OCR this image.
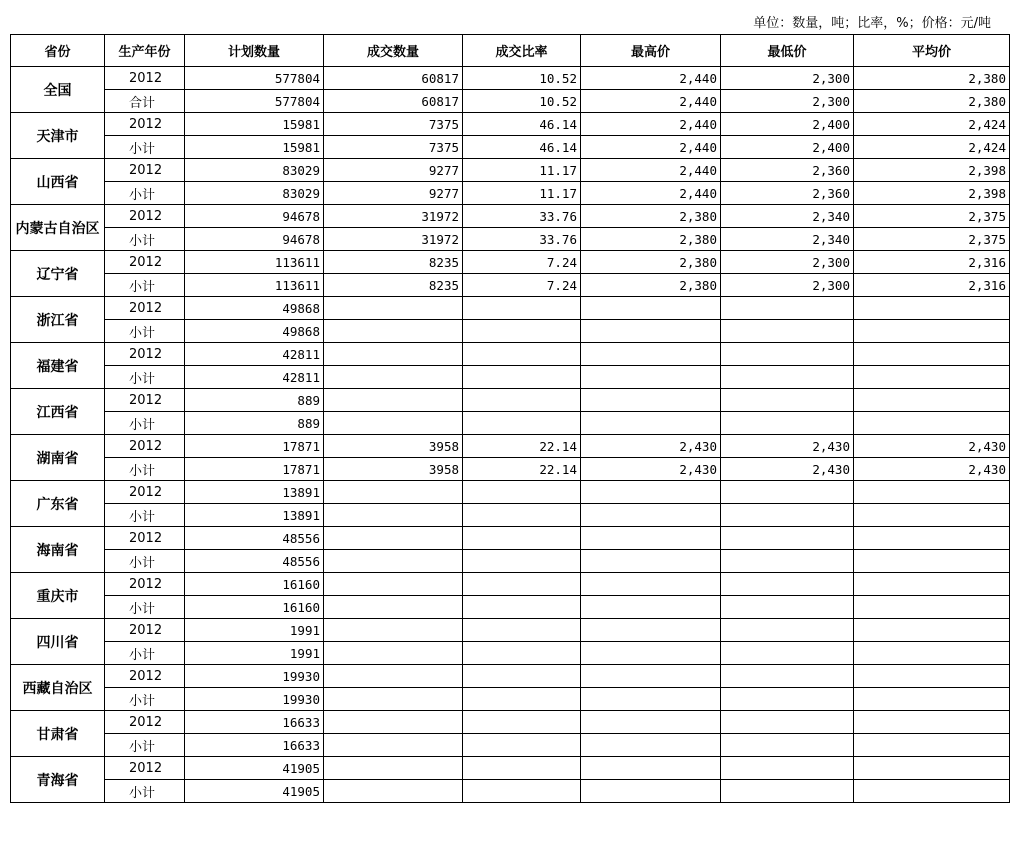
单位：数量，吨；比率，%；价格：元/吨
省份	生产年份	计划数量	成交数量	成交比率	最高价	最低价	平均价
全国	2012	577804	60817	10.52	2,440	2,300	2,380
	合计	577804	60817	10.52	2,440	2,300	2,380
天津市	2012	15981	7375	46.14	2,440	2,400	2,424
	小计	15981	7375	46.14	2,440	2,400	2,424
山西省	2012	83029	9277	11.17	2,440	2,360	2,398
	小计	83029	9277	11.17	2,440	2,360	2,398
内蒙古自治区	2012	94678	31972	33.76	2,380	2,340	2,375
	小计	94678	31972	33.76	2,380	2,340	2,375
辽宁省	2012	113611	8235	7.24	2,380	2,300	2,316
	小计	113611	8235	7.24	2,380	2,300	2,316
浙江省	2012	49868					
	小计	49868					
福建省	2012	42811					
	小计	42811					
江西省	2012	889					
	小计	889					
湖南省	2012	17871	3958	22.14	2,430	2,430	2,430
	小计	17871	3958	22.14	2,430	2,430	2,430
广东省	2012	13891					
	小计	13891					
海南省	2012	48556					
	小计	48556					
重庆市	2012	16160					
	小计	16160					
四川省	2012	1991					
	小计	1991					
西藏自治区	2012	19930					
	小计	19930					
甘肃省	2012	16633					
	小计	16633					
青海省	2012	41905					
	小计	41905					
